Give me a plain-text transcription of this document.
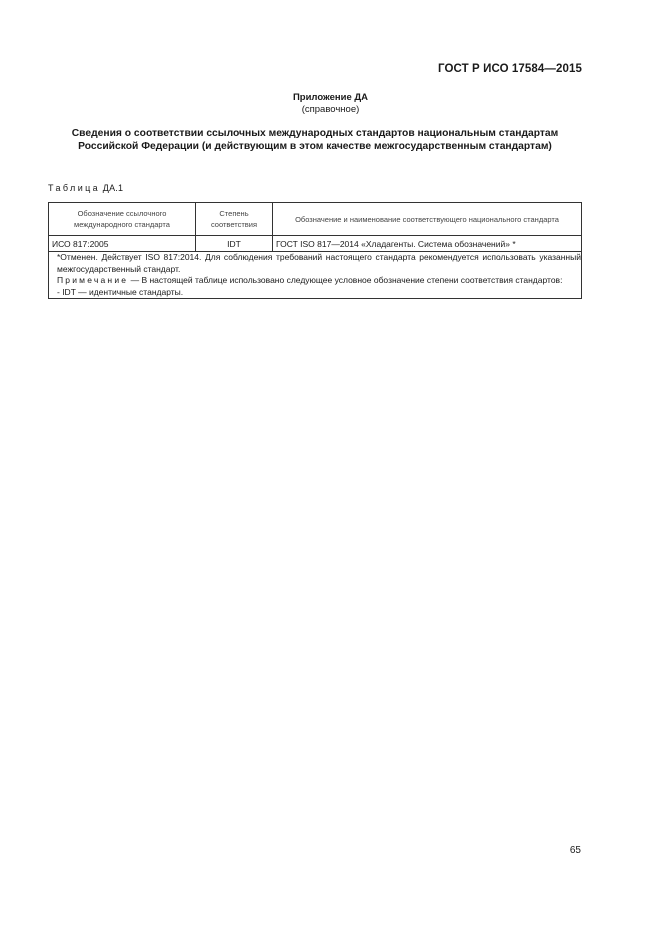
ГОСТ Р ИСО 17584—2015
Приложение ДА
(справочное)
Сведения о соответствии ссылочных международных стандартов национальным стандартам
Российской Федерации (и действующим в этом качестве межгосударственным стандартам)
Таблица ДА.1
Обозначение ссылочного международного стандарта	Степень соответствия	Обозначение и наименование соответствующего национального стандарта
ИСО 817:2005	IDT	ГОСТ ISO 817—2014 «Хладагенты. Система обозначений» *

*Отменен. Действует ISO 817:2014. Для соблюдения требований настоящего стандарта рекомендуется использовать указанный межгосударственный стандарт.
Примечание — В настоящей таблице использовано следующее условное обозначение степени соответствия стандартов:
- IDT — идентичные стандарты.		
65
